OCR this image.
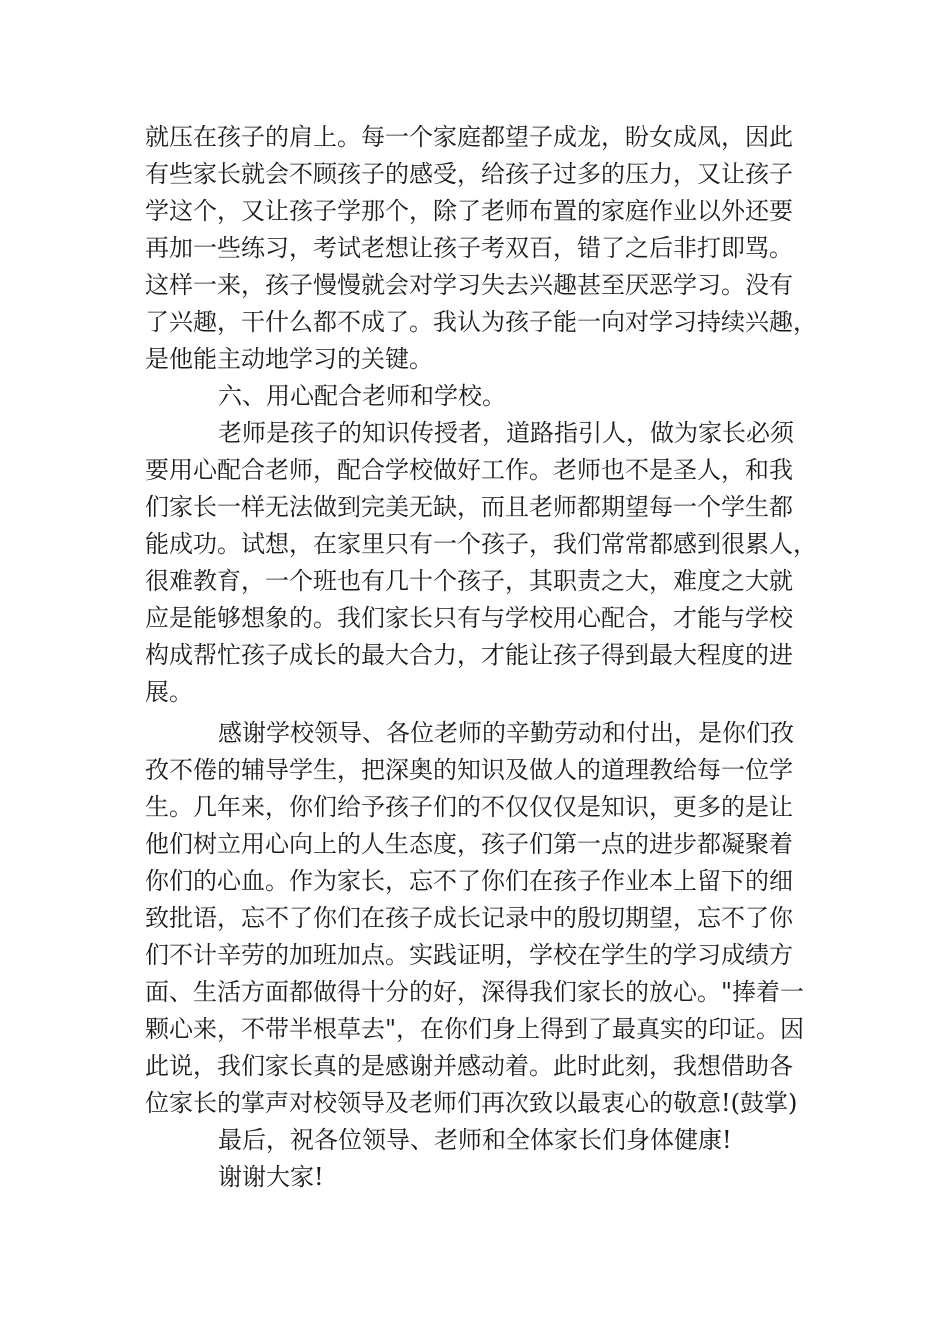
就压在孩子的肩上。每一个家庭都望子成龙，盼女成凤，因此
有些家长就会不顾孩子的感受，给孩子过多的压力，又让孩子
学这个，又让孩子学那个，除了老师布置的家庭作业以外还要
再加一些练习，考试老想让孩子考双百，错了之后非打即骂。
这样一来，孩子慢慢就会对学习失去兴趣甚至厌恶学习。没有
了兴趣，干什么都不成了。我认为孩子能一向对学习持续兴趣，
是他能主动地学习的关键。
六、用心配合老师和学校。
老师是孩子的知识传授者，道路指引人，做为家长必须
要用心配合老师，配合学校做好工作。老师也不是圣人，和我
们家长一样无法做到完美无缺，而且老师都期望每一个学生都
能成功。试想，在家里只有一个孩子，我们常常都感到很累人，
很难教育，一个班也有几十个孩子，其职责之大，难度之大就
应是能够想象的。我们家长只有与学校用心配合，才能与学校
构成帮忙孩子成长的最大合力，才能让孩子得到最大程度的进
展。
感谢学校领导、各位老师的辛勤劳动和付出，是你们孜
孜不倦的辅导学生，把深奥的知识及做人的道理教给每一位学
生。几年来，你们给予孩子们的不仅仅仅是知识，更多的是让
他们树立用心向上的人生态度，孩子们第一点的进步都凝聚着
你们的心血。作为家长，忘不了你们在孩子作业本上留下的细
致批语，忘不了你们在孩子成长记录中的殷切期望，忘不了你
们不计辛劳的加班加点。实践证明，学校在学生的学习成绩方
面、生活方面都做得十分的好，深得我们家长的放心。"捧着一
颗心来，不带半根草去"，在你们身上得到了最真实的印证。因
此说，我们家长真的是感谢并感动着。此时此刻，我想借助各
位家长的掌声对校领导及老师们再次致以最衷心的敬意!(鼓掌)
最后，祝各位领导、老师和全体家长们身体健康!
谢谢大家!
